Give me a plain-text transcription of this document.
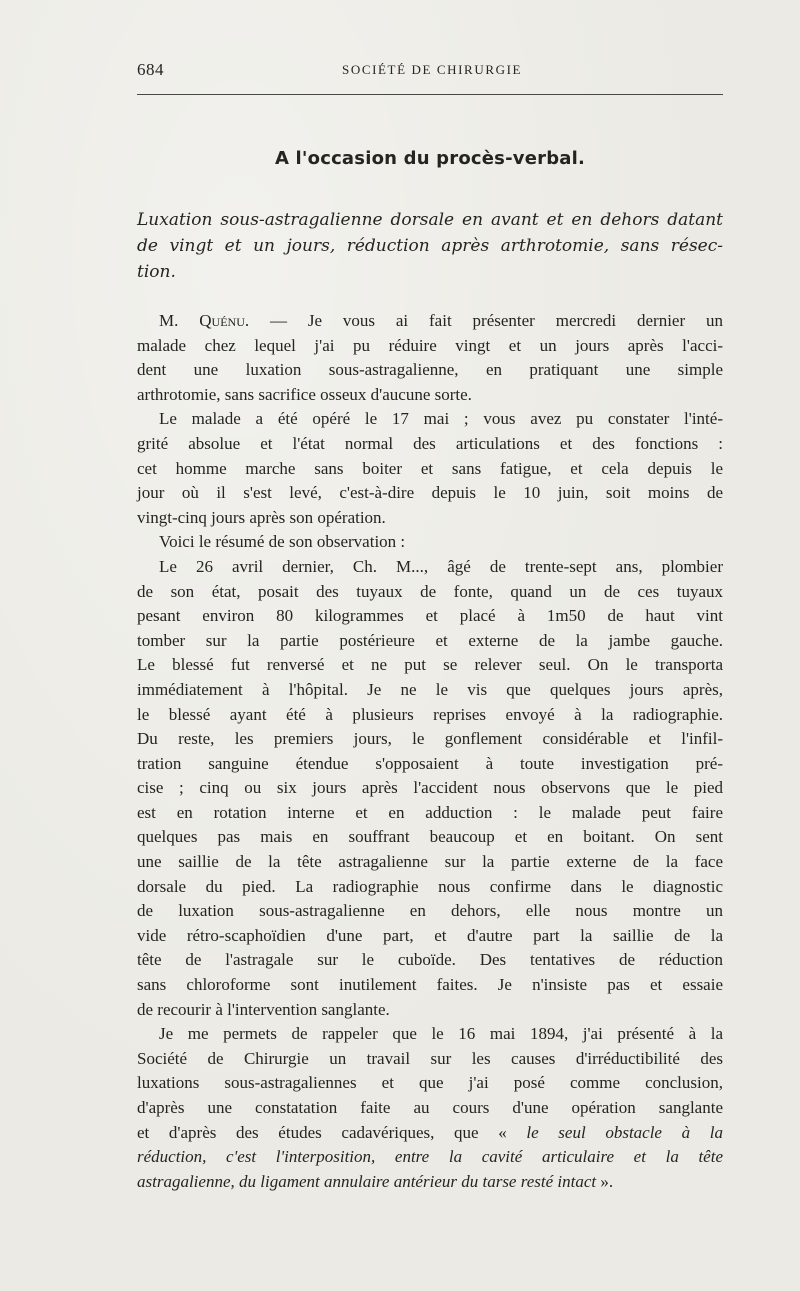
684	SOCIÉTÉ DE CHIRURGIE
A l'occasion du procès-verbal.
Luxation sous-astragalienne dorsale en avant et en dehors datant
de vingt et un jours, réduction après arthrotomie, sans résec-
tion.
M. Quénu. — Je vous ai fait présenter mercredi dernier un
malade chez lequel j'ai pu réduire vingt et un jours après l'acci-
dent une luxation sous-astragalienne, en pratiquant une simple
arthrotomie, sans sacrifice osseux d'aucune sorte.
Le malade a été opéré le 17 mai ; vous avez pu constater l'inté-
grité absolue et l'état normal des articulations et des fonctions :
cet homme marche sans boiter et sans fatigue, et cela depuis le
jour où il s'est levé, c'est-à-dire depuis le 10 juin, soit moins de
vingt-cinq jours après son opération.
Voici le résumé de son observation :
Le 26 avril dernier, Ch. M..., âgé de trente-sept ans, plombier
de son état, posait des tuyaux de fonte, quand un de ces tuyaux
pesant environ 80 kilogrammes et placé à 1m50 de haut vint
tomber sur la partie postérieure et externe de la jambe gauche.
Le blessé fut renversé et ne put se relever seul. On le transporta
immédiatement à l'hôpital. Je ne le vis que quelques jours après,
le blessé ayant été à plusieurs reprises envoyé à la radiographie.
Du reste, les premiers jours, le gonflement considérable et l'infil-
tration sanguine étendue s'opposaient à toute investigation pré-
cise ; cinq ou six jours après l'accident nous observons que le pied
est en rotation interne et en adduction : le malade peut faire
quelques pas mais en souffrant beaucoup et en boitant. On sent
une saillie de la tête astragalienne sur la partie externe de la face
dorsale du pied. La radiographie nous confirme dans le diagnostic
de luxation sous-astragalienne en dehors, elle nous montre un
vide rétro-scaphoïdien d'une part, et d'autre part la saillie de la
tête de l'astragale sur le cuboïde. Des tentatives de réduction
sans chloroforme sont inutilement faites. Je n'insiste pas et essaie
de recourir à l'intervention sanglante.
Je me permets de rappeler que le 16 mai 1894, j'ai présenté à la
Société de Chirurgie un travail sur les causes d'irréductibilité des
luxations sous-astragaliennes et que j'ai posé comme conclusion,
d'après une constatation faite au cours d'une opération sanglante
et d'après des études cadavériques, que « le seul obstacle à la
réduction, c'est l'interposition, entre la cavité articulaire et la tête
astragalienne, du ligament annulaire antérieur du tarse resté intact ».
